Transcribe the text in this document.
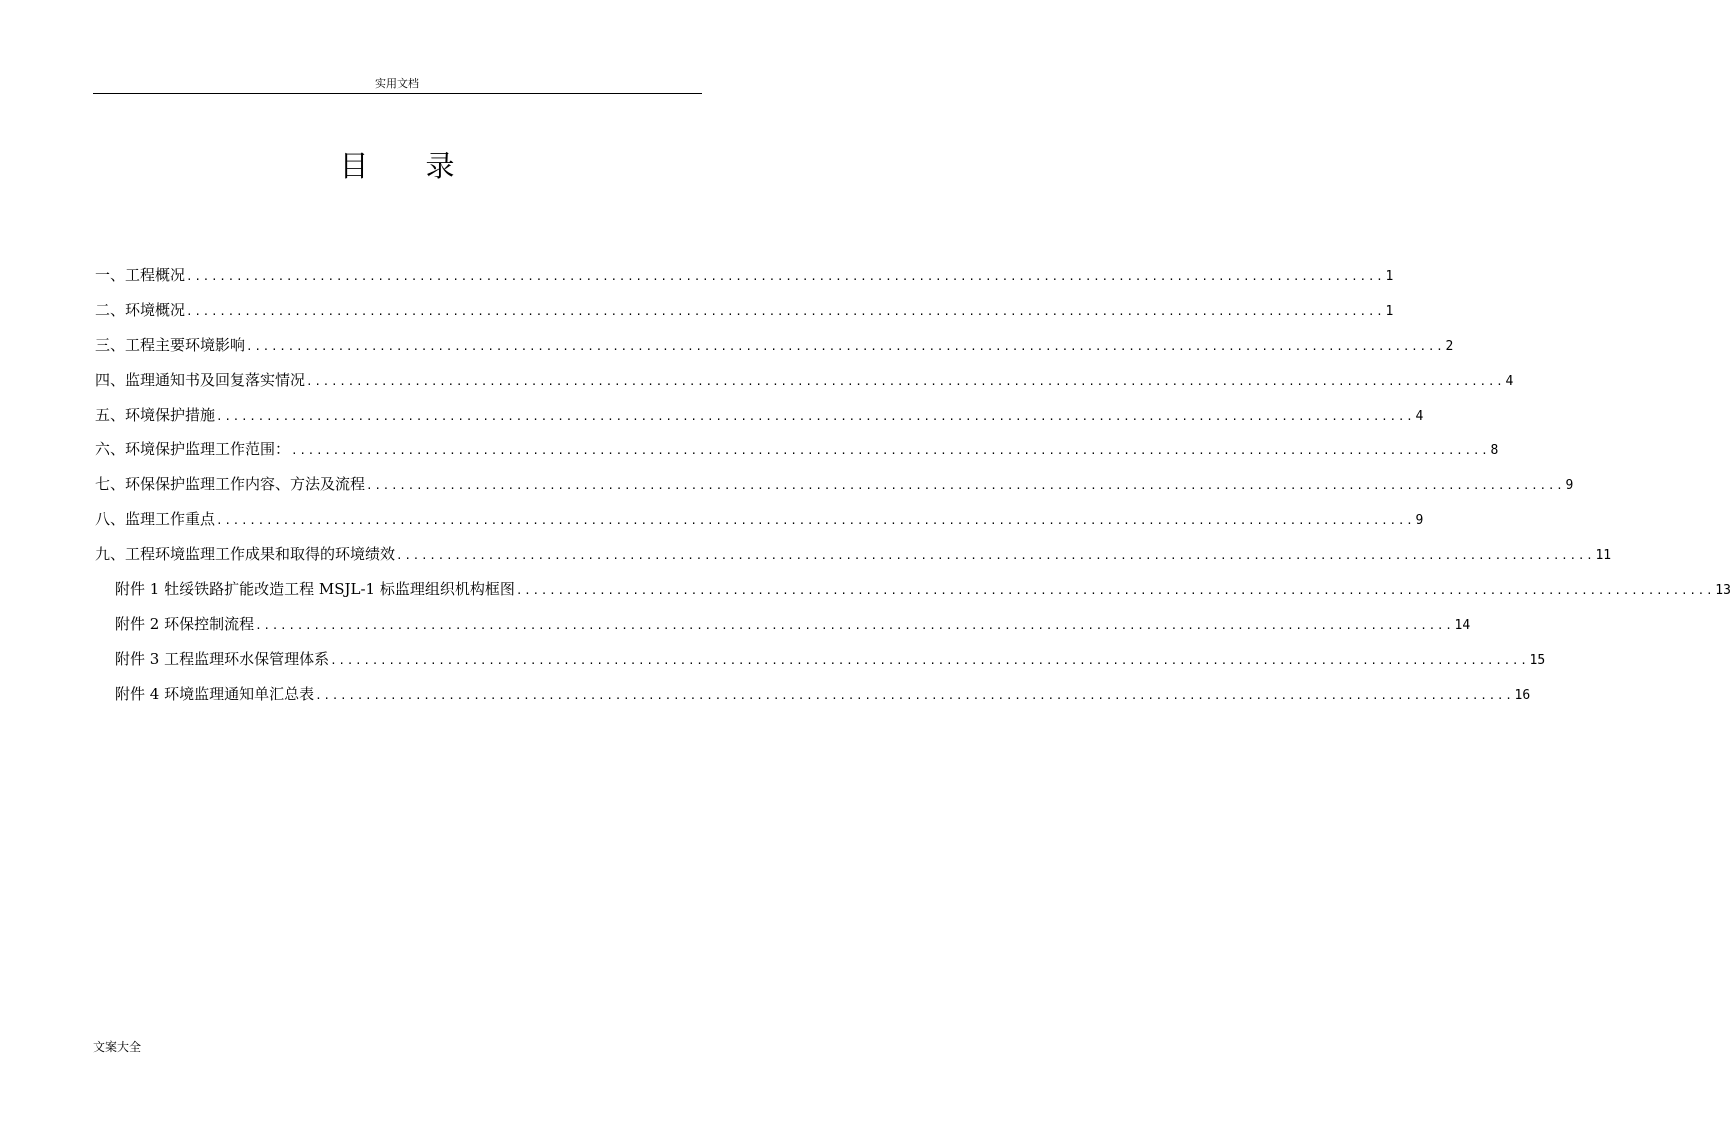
实用文档
目录
一、工程概况 ................................................................................................................................................ 1
二、环境概况 ................................................................................................................................................ 1
三、工程主要环境影响 ................................................................................................................................................ 2
四、监理通知书及回复落实情况 ................................................................................................................................................ 4
五、环境保护措施 ................................................................................................................................................ 4
六、环境保护监理工作范围： ................................................................................................................................................ 8
七、环保保护监理工作内容、方法及流程 ................................................................................................................................................ 9
八、监理工作重点 ................................................................................................................................................ 9
九、工程环境监理工作成果和取得的环境绩效 ................................................................................................................................................ 11
附件 1 牡绥铁路扩能改造工程 MSJL-1 标监理组织机构框图 ................................................................................................................................................ 13
附件 2 环保控制流程 ................................................................................................................................................ 14
附件 3 工程监理环水保管理体系 ................................................................................................................................................ 15
附件 4 环境监理通知单汇总表 ................................................................................................................................................ 16
文案大全
